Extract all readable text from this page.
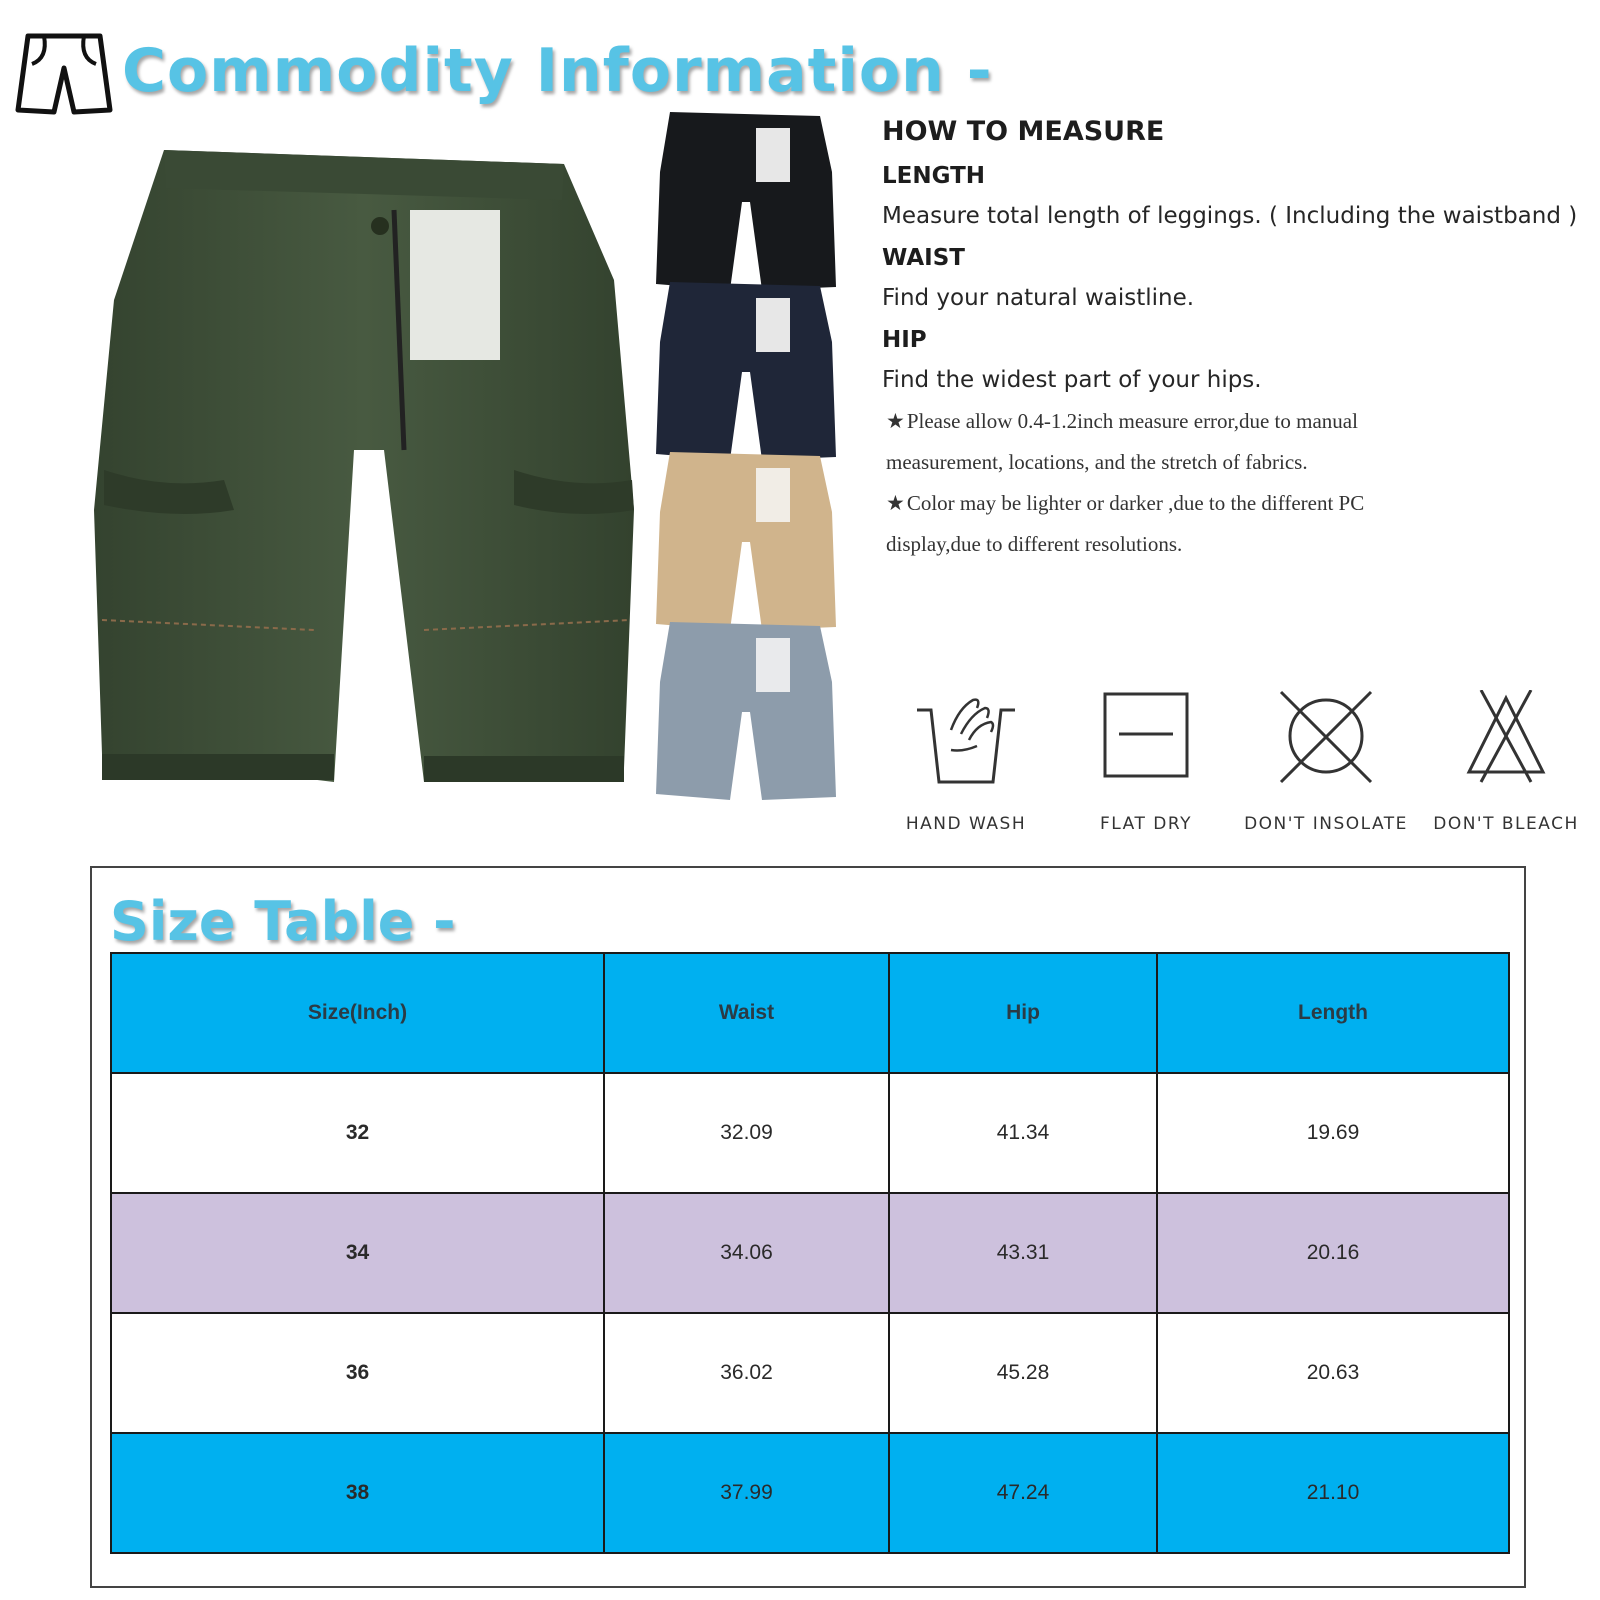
Commodity Information -
HOW TO MEASURE
LENGTH
Measure total length of leggings. ( Including the waistband )
WAIST
Find your natural waistline.
HIP
Find the widest part of your hips.
★Please allow 0.4-1.2inch measure error,due to manual measurement, locations, and the stretch of fabrics.
★Color may be lighter or darker ,due to the different PC display,due to different resolutions.
HAND WASH	FLAT DRY	DON'T INSOLATE	DON'T BLEACH
Size Table -
Size(Inch)	Waist	Hip	Length
32	32.09	41.34	19.69
34	34.06	43.31	20.16
36	36.02	45.28	20.63
38	37.99	47.24	21.10
